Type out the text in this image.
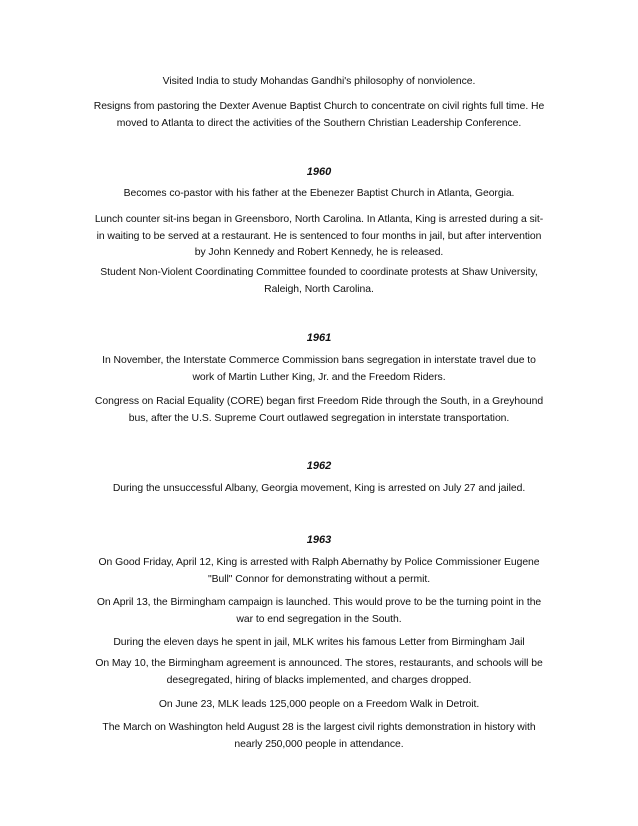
Visited India to study Mohandas Gandhi's philosophy of nonviolence.

Resigns from pastoring the Dexter Avenue Baptist Church to concentrate on civil rights full time. He moved to Atlanta to direct the activities of the Southern Christian Leadership Conference.

1960

Becomes co-pastor with his father at the Ebenezer Baptist Church in Atlanta, Georgia.

Lunch counter sit-ins began in Greensboro, North Carolina. In Atlanta, King is arrested during a sit-in waiting to be served at a restaurant. He is sentenced to four months in jail, but after intervention by John Kennedy and Robert Kennedy, he is released.

Student Non-Violent Coordinating Committee founded to coordinate protests at Shaw University, Raleigh, North Carolina.

1961

In November, the Interstate Commerce Commission bans segregation in interstate travel due to work of Martin Luther King, Jr. and the Freedom Riders.

Congress on Racial Equality (CORE) began first Freedom Ride through the South, in a Greyhound bus, after the U.S. Supreme Court outlawed segregation in interstate transportation.

1962

During the unsuccessful Albany, Georgia movement, King is arrested on July 27 and jailed.

1963

On Good Friday, April 12, King is arrested with Ralph Abernathy by Police Commissioner Eugene "Bull" Connor for demonstrating without a permit.

On April 13, the Birmingham campaign is launched. This would prove to be the turning point in the war to end segregation in the South.

During the eleven days he spent in jail, MLK writes his famous Letter from Birmingham Jail

On May 10, the Birmingham agreement is announced. The stores, restaurants, and schools will be desegregated, hiring of blacks implemented, and charges dropped.

On June 23, MLK leads 125,000 people on a Freedom Walk in Detroit.

The March on Washington held August 28 is the largest civil rights demonstration in history with nearly 250,000 people in attendance.
